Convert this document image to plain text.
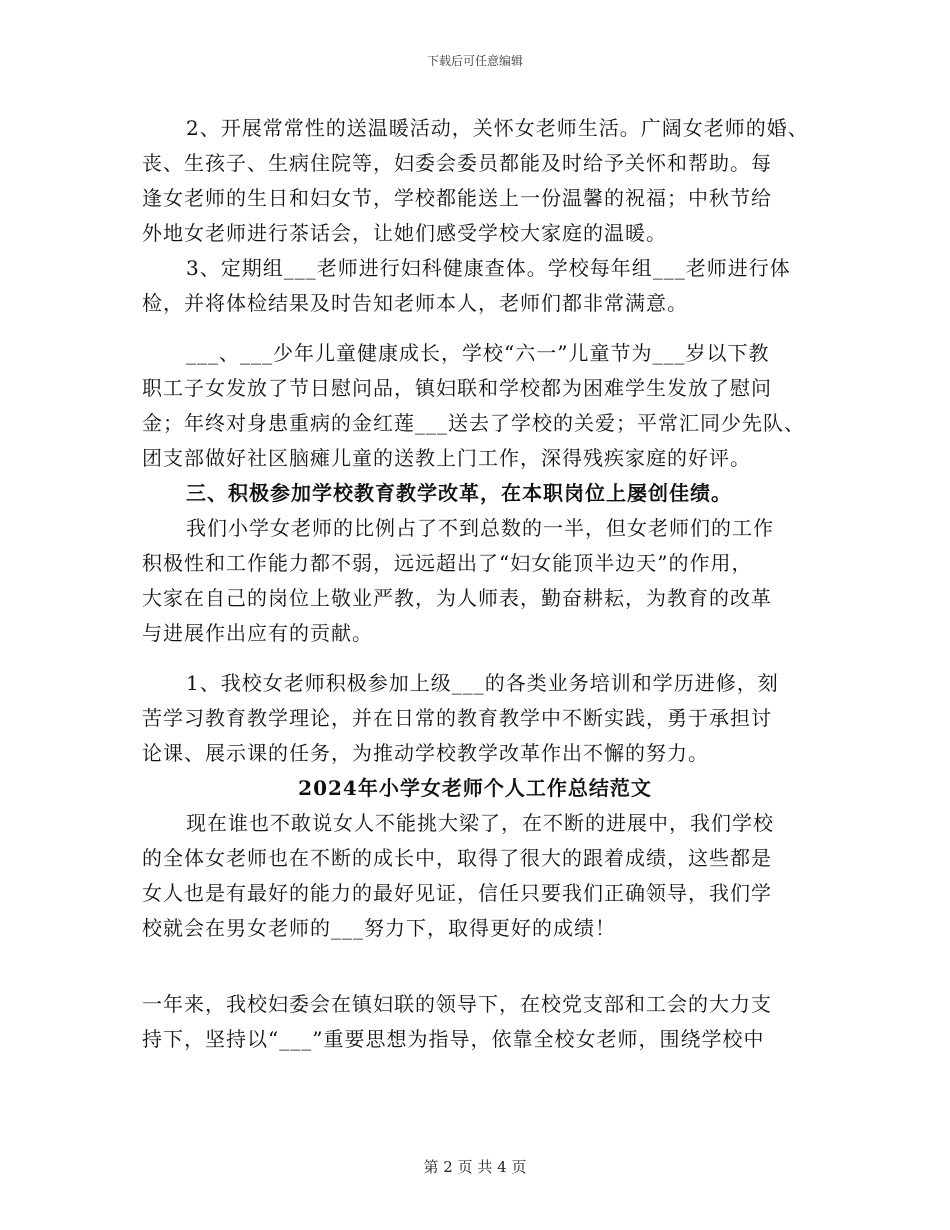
下载后可任意编辑
2、开展常常性的送温暖活动，关怀女老师生活。广阔女老师的婚、
丧、生孩子、生病住院等，妇委会委员都能及时给予关怀和帮助。每
逢女老师的生日和妇女节，学校都能送上一份温馨的祝福；中秋节给
外地女老师进行茶话会，让她们感受学校大家庭的温暖。
3、定期组___老师进行妇科健康查体。学校每年组___老师进行体
检，并将体检结果及时告知老师本人，老师们都非常满意。
___、___少年儿童健康成长，学校“六一”儿童节为___岁以下教
职工子女发放了节日慰问品，镇妇联和学校都为困难学生发放了慰问
金；年终对身患重病的金红莲___送去了学校的关爱；平常汇同少先队、
团支部做好社区脑瘫儿童的送教上门工作，深得残疾家庭的好评。
三、积极参加学校教育教学改革，在本职岗位上屡创佳绩。
我们小学女老师的比例占了不到总数的一半，但女老师们的工作
积极性和工作能力都不弱，远远超出了“妇女能顶半边天”的作用，
大家在自己的岗位上敬业严教，为人师表，勤奋耕耘，为教育的改革
与进展作出应有的贡献。
1、我校女老师积极参加上级___的各类业务培训和学历进修，刻
苦学习教育教学理论，并在日常的教育教学中不断实践，勇于承担讨
论课、展示课的任务，为推动学校教学改革作出不懈的努力。
2024年小学女老师个人工作总结范文
现在谁也不敢说女人不能挑大梁了，在不断的进展中，我们学校
的全体女老师也在不断的成长中，取得了很大的跟着成绩，这些都是
女人也是有最好的能力的最好见证，信任只要我们正确领导，我们学
校就会在男女老师的___努力下，取得更好的成绩！
一年来，我校妇委会在镇妇联的领导下，在校党支部和工会的大力支
持下，坚持以“___”重要思想为指导，依靠全校女老师，围绕学校中
第 2 页 共 4 页
